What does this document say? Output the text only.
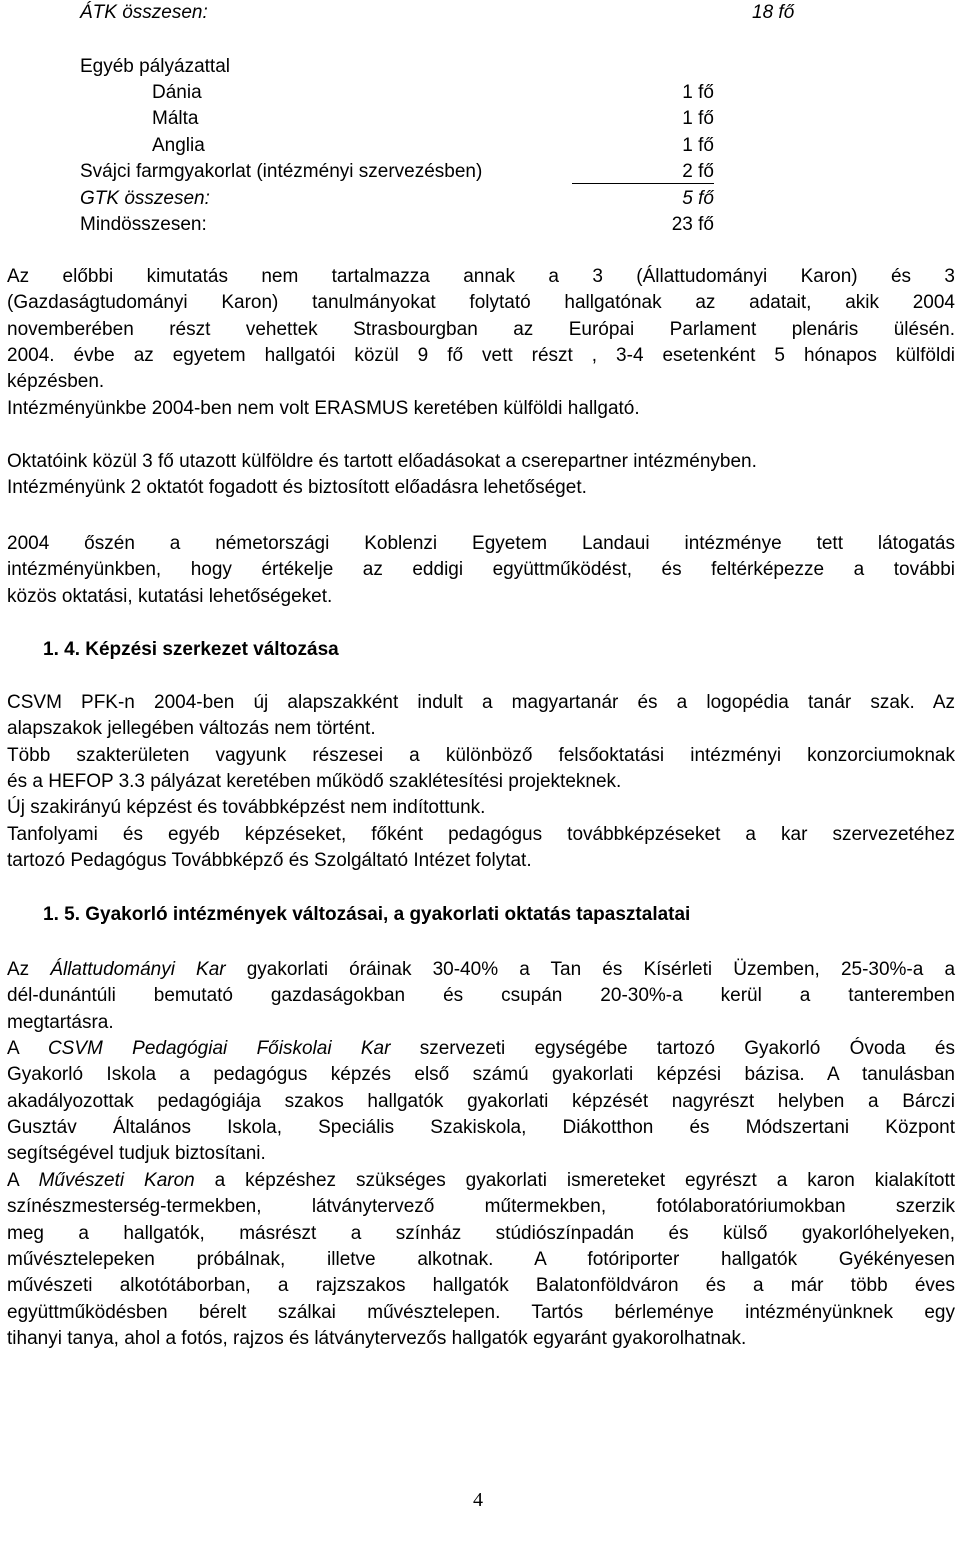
ÁTK összesen:	18 fő
Egyéb pályázattal
Dánia	1 fő
Málta	1 fő
Anglia	1 fő
Svájci farmgyakorlat (intézményi szervezésben)	2 fő
GTK összesen:	5 fő
Mindösszesen:	23 fő
Az előbbi kimutatás nem tartalmazza annak a 3 (Állattudományi Karon) és 3
(Gazdaságtudományi Karon) tanulmányokat folytató hallgatónak az adatait, akik 2004
novemberében részt vehettek Strasbourgban az Európai Parlament plenáris ülésén.
2004. évbe az egyetem hallgatói közül 9 fő vett részt , 3-4 esetenként 5 hónapos külföldi
képzésben.
Intézményünkbe 2004-ben nem volt ERASMUS keretében külföldi hallgató.
Oktatóink közül 3 fő utazott külföldre és tartott előadásokat a cserepartner intézményben.
Intézményünk 2 oktatót fogadott és biztosított előadásra lehetőséget.
2004 őszén a németországi Koblenzi Egyetem Landaui intézménye tett látogatás
intézményünkben, hogy értékelje az eddigi együttműködést, és feltérképezze a további
közös oktatási, kutatási lehetőségeket.
1. 4. Képzési szerkezet változása
CSVM PFK-n 2004-ben új alapszakként indult a magyartanár és a logopédia tanár szak. Az
alapszakok jellegében változás nem történt.
Több szakterületen vagyunk részesei a különböző felsőoktatási intézményi konzorciumoknak
és a HEFOP 3.3 pályázat keretében működő szaklétesítési projekteknek.
Új szakirányú képzést és továbbképzést nem indítottunk.
Tanfolyami és egyéb képzéseket, főként pedagógus továbbképzéseket a kar szervezetéhez
tartozó Pedagógus Továbbképző és Szolgáltató Intézet folytat.
1. 5. Gyakorló intézmények változásai, a gyakorlati oktatás tapasztalatai
Az Állattudományi Kar gyakorlati óráinak 30-40% a Tan és Kísérleti Üzemben, 25-30%-a a
dél-dunántúli bemutató gazdaságokban és csupán 20-30%-a kerül a tanteremben
megtartásra.
A CSVM Pedagógiai Főiskolai Kar szervezeti egységébe tartozó Gyakorló Óvoda és
Gyakorló Iskola a pedagógus képzés első számú gyakorlati képzési bázisa. A tanulásban
akadályozottak pedagógiája szakos hallgatók gyakorlati képzését nagyrészt helyben a Bárczi
Gusztáv Általános Iskola, Speciális Szakiskola, Diákotthon és Módszertani Központ
segítségével tudjuk biztosítani.
A Művészeti Karon a képzéshez szükséges gyakorlati ismereteket egyrészt a karon kialakított
színészmesterség-termekben, látványtervező műtermekben, fotólaboratóriumokban szerzik
meg a hallgatók, másrészt a színház stúdiószínpadán és külső gyakorlóhelyeken,
művésztelepeken próbálnak, illetve alkotnak. A fotóriporter hallgatók Gyékényesen
művészeti alkotótáborban, a rajzszakos hallgatók Balatonföldváron és a már több éves
együttműködésben bérelt szálkai művésztelepen. Tartós bérleménye intézményünknek egy
tihanyi tanya, ahol a fotós, rajzos és látványtervezős hallgatók egyaránt gyakorolhatnak.
4
